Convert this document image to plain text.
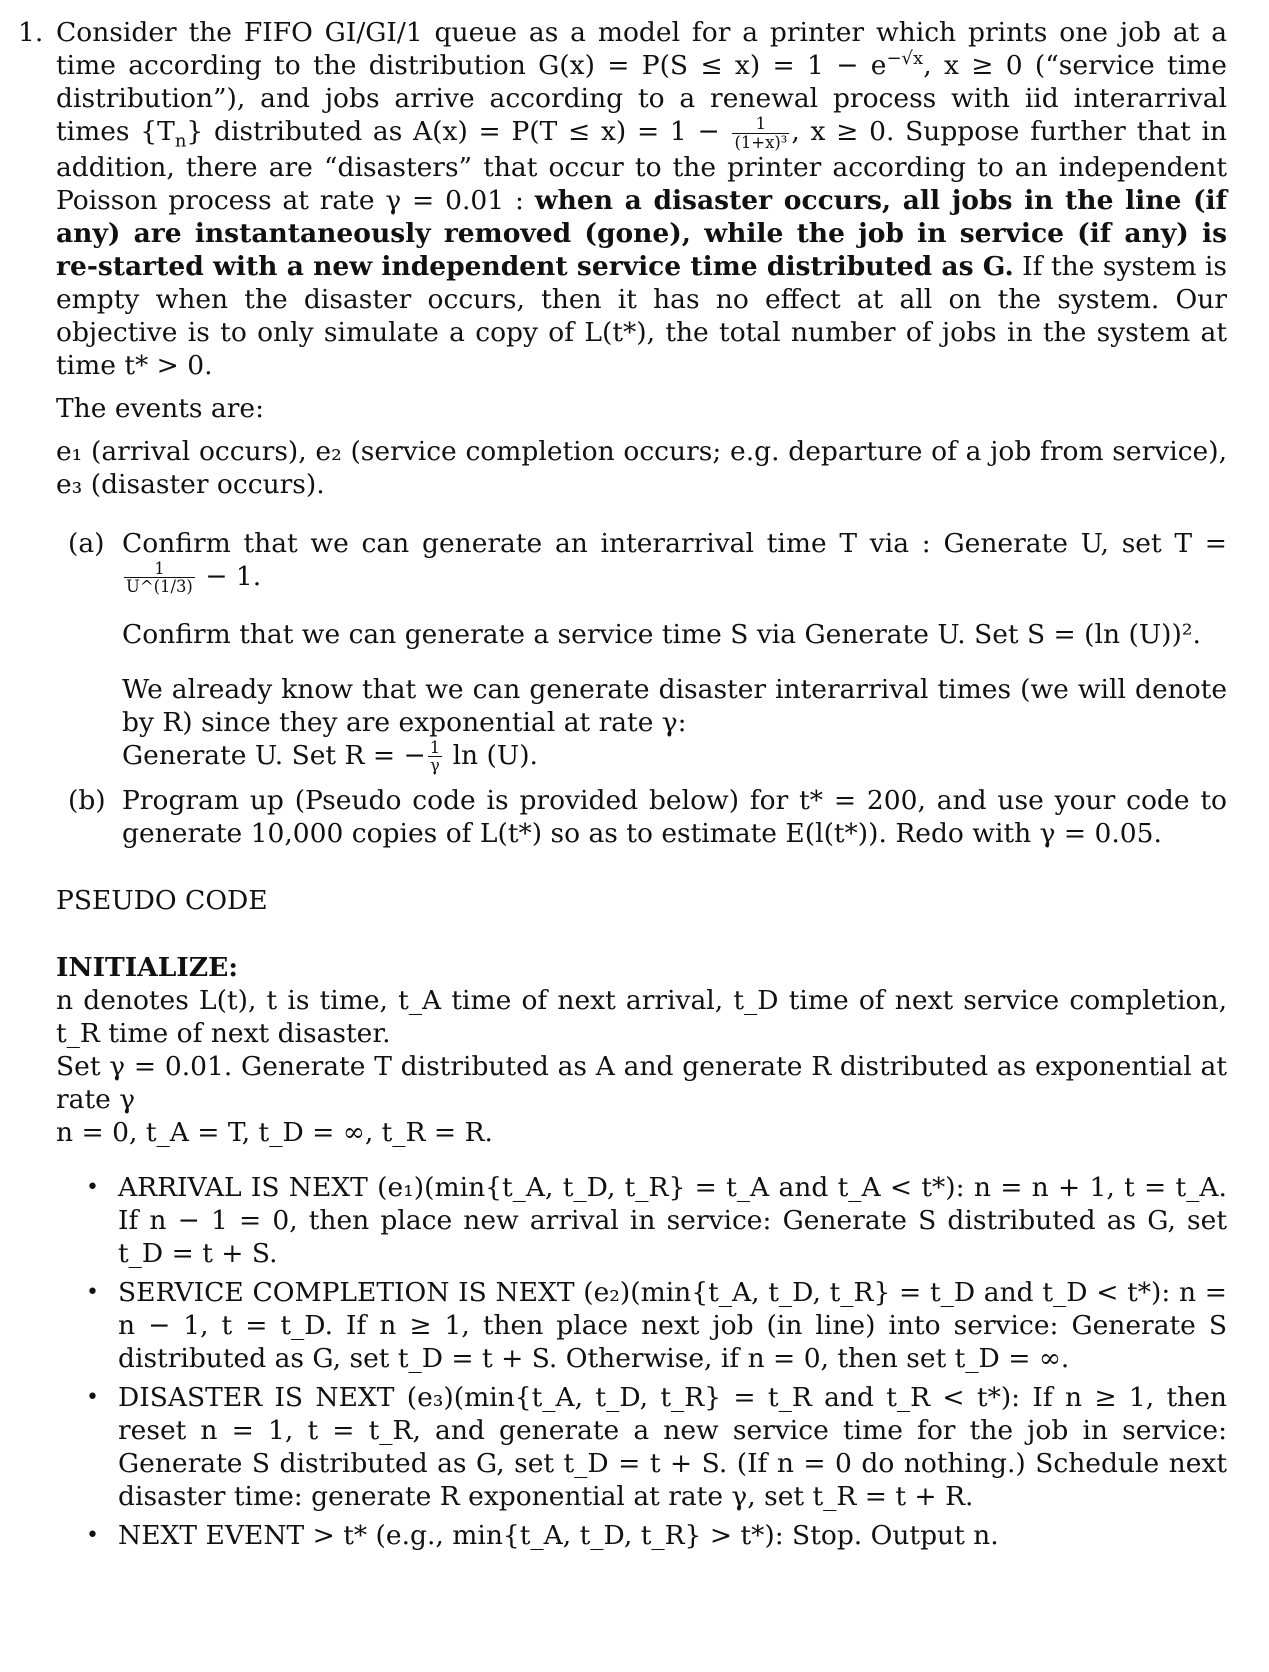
1. Consider the FIFO GI/GI/1 queue as a model for a printer which prints one job at a time according to the distribution $G(x) = P(S \le x) = 1 - e^{-√x}$, x ≥ 0 (“service time distribution”), and jobs arrive according to a renewal process with iid interarrival times $\{T_n\}$ distributed as $A(x) = P(T \le x) = 1 - \frac{1}{\text{(1+x)³}}$ , x ≥ 0. Suppose further that in addition, there are “disasters” that occur to the printer according to an independent Poisson process at rate γ = 0.01 : when a disaster occurs, all jobs in the line (if any) are instantaneously removed (gone), while the job in service (if any) is re-started with a new independent service time distributed as G. If the system is empty when the disaster occurs, then it has no effect at all on the system. Our objective is to only simulate a copy of L(t*), the total number of jobs in the system at time t* > 0.

The events are:

e₁ (arrival occurs), e₂ (service completion occurs; e.g. departure of a job from service), e₃ (disaster occurs).

(a) Confirm that we can generate an interarrival time T via : Generate U, set T =
$\frac{1}{U\^{}(1/3)} - 1$.

Confirm that we can generate a service time S via Generate U. Set S = (ln (U))².

We already know that we can generate disaster interarrival times (we will denote by R) since they are exponential at rate γ:

Generate U. Set R = − $\frac{1}{\gamma}$ ln (U).

(b) Program up (Pseudo code is provided below) for t* = 200, and use your code to generate 10,000 copies of L(t*) so as to estimate E(l(t*)). Redo with γ = 0.05.

PSEUDO CODE

INITIALIZE:

n denotes L(t), t is time, t_A time of next arrival, t_D time of next service completion, t_R time of next disaster.

Set γ = 0.01. Generate T distributed as A and generate R distributed as exponential at rate γ

n = 0, t_A = T, t_D = ∞, t_R = R.

• ARRIVAL IS NEXT (e₁)(min{t_A, t_D, t_R} = t_A and t_A < t*): n = n + 1, t = t_A. If n − 1 = 0, then place new arrival in service: Generate S distributed as G, set t_D = t + S.
• SERVICE COMPLETION IS NEXT (e₂)(min{t_A, t_D, t_R} = t_D and t_D < t*): n = n − 1, t = t_D. If n ≥ 1, then place next job (in line) into service: Generate S distributed as G, set t_D = t + S. Otherwise, if n = 0, then set t_D = ∞.
• DISASTER IS NEXT (e₃)(min{t_A, t_D, t_R} = t_R and t_R < t*): If n ≥ 1, then reset n = 1, t = t_R, and generate a new service time for the job in service: Generate S distributed as G, set t_D = t + S. (If n = 0 do nothing.) Schedule next disaster time: generate R exponential at rate γ, set t_R = t + R.
• NEXT EVENT > t* (e.g., min{t_A, t_D, t_R} > t*): Stop. Output n.
